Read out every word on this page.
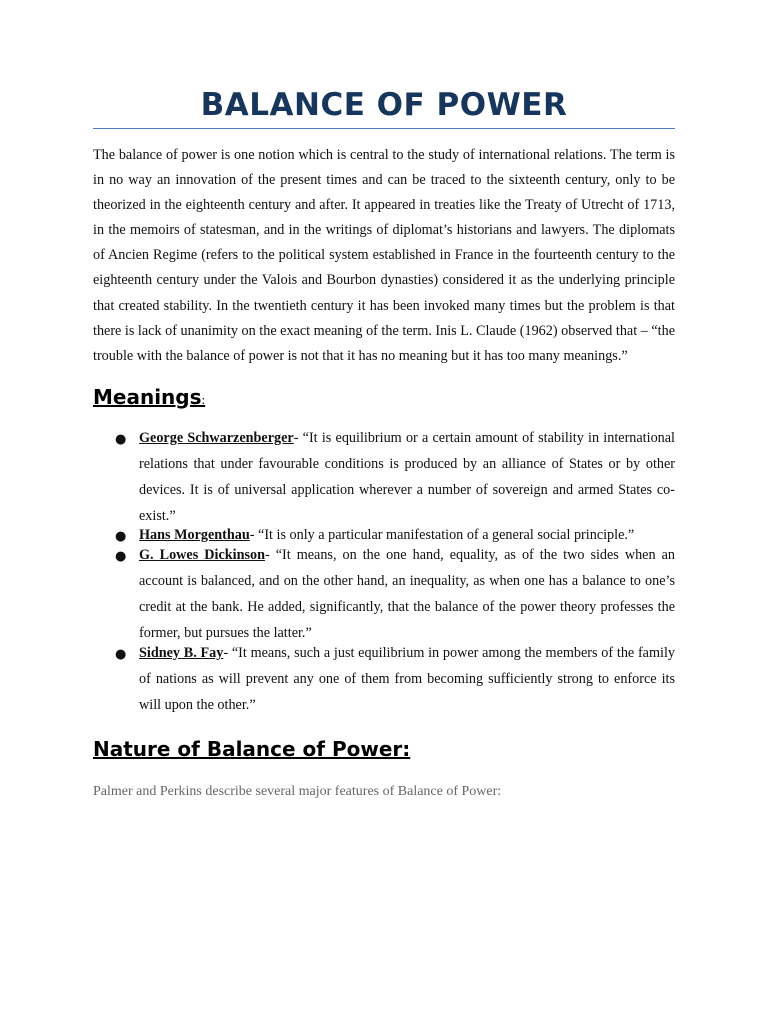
BALANCE OF POWER

The balance of power is one notion which is central to the study of international relations. The term is in no way an innovation of the present times and can be traced to the sixteenth century, only to be theorized in the eighteenth century and after. It appeared in treaties like the Treaty of Utrecht of 1713, in the memoirs of statesman, and in the writings of diplomat’s historians and lawyers. The diplomats of Ancien Regime (refers to the political system established in France in the fourteenth century to the eighteenth century under the Valois and Bourbon dynasties) considered it as the underlying principle that created stability. In the twentieth century it has been invoked many times but the problem is that there is lack of unanimity on the exact meaning of the term. Inis L. Claude (1962) observed that – “the trouble with the balance of power is not that it has no meaning but it has too many meanings.”

Meanings:
● George Schwarzenberger- “It is equilibrium or a certain amount of stability in international relations that under favourable conditions is produced by an alliance of States or by other devices. It is of universal application wherever a number of sovereign and armed States co-exist.”
● Hans Morgenthau- “It is only a particular manifestation of a general social principle.”
● G. Lowes Dickinson- “It means, on the one hand, equality, as of the two sides when an account is balanced, and on the other hand, an inequality, as when one has a balance to one’s credit at the bank. He added, significantly, that the balance of the power theory professes the former, but pursues the latter.”
● Sidney B. Fay- “It means, such a just equilibrium in power among the members of the family of nations as will prevent any one of them from becoming sufficiently strong to enforce its will upon the other.”
Nature of Balance of Power:

Palmer and Perkins describe several major features of Balance of Power:
